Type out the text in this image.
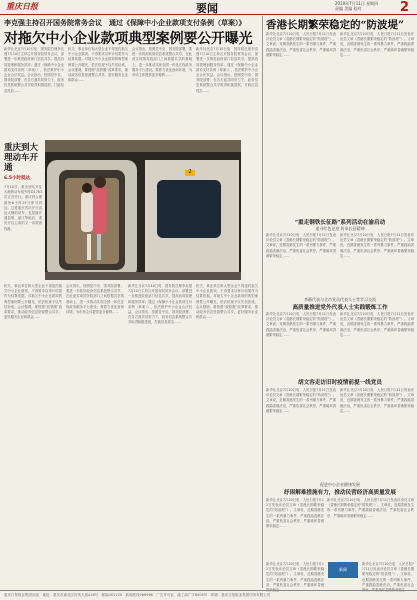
重庆日报	要闻	2019年7月11日 星期四
责编 美编 校对	2
李克强主持召开国务院常务会议　通过《保障中小企业款项支付条例（草案）》
对拖欠中小企业款项典型案例要公开曝光
新华社北京7月10日电　国务院总理李克强7月10日主持召开国务院常务会议，部署进一步推进政府部门信息共享，提高协同管理和服务效率；通过《保障中小企业款项支付条例（草案）》，依法维护中小企业合法权益。会议指出，按照党中央、国务院部署，在各方面共同努力下，政务信息系统整合共享取得积极进展，打破信息孤岛……
机关、事业单位和大型企业不得违约拖欠中小企业款项，不得要求以审计结果作为结算依据。对拖欠中小企业款项的典型案例要公开曝光，依法依规予以失信惩戒。会议强调，要按照“放管服”改革要求，推动政务信息资源整合共享，更好服务企业和群众……
会议指出，按照党中央、国务院部署，要进一步抓好政府信息系统整合共享，在此前实现国务院部门之间数据共享的基础上，进一步推动实现全国一体化在线政务服务平台建设。要着力优化营商环境，为市场主体提供更多便利……
新华社北京7月10日电　国务院总理李克强7月10日主持召开国务院常务会议，部署进一步推进政府部门信息共享，提高协同管理和服务效率；通过《保障中小企业款项支付条例（草案）》，依法维护中小企业合法权益。会议指出，按照党中央、国务院部署，在各方面共同努力下，政务信息系统整合共享取得积极进展，打破信息孤岛……
重庆到大理动车开通
6.5小时抵达
7月10日，重庆西站开往大理的动车组列车D1783次正式开行。重庆到大理最快6小时29分即可到达。这是重庆首次开行直达大理的动车，也是继开通昆明、丽江等地后，重庆开往云南的又一条旅游线路。
2
机关、事业单位和大型企业不得违约拖欠中小企业款项，不得要求以审计结果作为结算依据。对拖欠中小企业款项的典型案例要公开曝光，依法依规予以失信惩戒。会议强调，要按照“放管服”改革要求，推动政务信息资源整合共享，更好服务企业和群众……
会议指出，按照党中央、国务院部署，要进一步抓好政府信息系统整合共享，在此前实现国务院部门之间数据共享的基础上，进一步推动实现全国一体化在线政务服务平台建设。要着力优化营商环境，为市场主体提供更多便利……
新华社北京7月10日电　国务院总理李克强7月10日主持召开国务院常务会议，部署进一步推进政府部门信息共享，提高协同管理和服务效率；通过《保障中小企业款项支付条例（草案）》，依法维护中小企业合法权益。会议指出，按照党中央、国务院部署，在各方面共同努力下，政务信息系统整合共享取得积极进展，打破信息孤岛……
机关、事业单位和大型企业不得违约拖欠中小企业款项，不得要求以审计结果作为结算依据。对拖欠中小企业款项的典型案例要公开曝光，依法依规予以失信惩戒。会议强调，要按照“放管服”改革要求，推动政务信息资源整合共享，更好服务企业和群众……
香港长期繁荣稳定的“防波堤”
新华社北京7月10日电　人民日报7月11日发表评论员文章《香港长期繁荣稳定的“防波堤”》。文章说，近期香港发生的一系列暴力事件，严重践踏香港法治，严重危害社会秩序，严重破坏香港繁荣稳定……
新华社北京7月10日电　人民日报7月11日发表评论员文章《香港长期繁荣稳定的“防波堤”》。文章说，近期香港发生的一系列暴力事件，严重践踏香港法治，严重危害社会秩序，严重破坏香港繁荣稳定……
“重走钢铁长征路”系列活动在渝启动
追寻红色足迹 传承长征精神
新华社北京7月10日电　人民日报7月11日发表评论员文章《香港长期繁荣稳定的“防波堤”》。文章说，近期香港发生的一系列暴力事件，严重践踏香港法治，严重危害社会秩序，严重破坏香港繁荣稳定……
新华社北京7月10日电　人民日报7月11日发表评论员文章《香港长期繁荣稳定的“防波堤”》。文章说，近期香港发生的一系列暴力事件，严重践踏香港法治，严重危害社会秩序，严重破坏香港繁荣稳定……
李静代表与全市党员代表人士等学习交流
高质量推进党外代表人士实践锻炼工作
新华社北京7月10日电　人民日报7月11日发表评论员文章《香港长期繁荣稳定的“防波堤”》。文章说，近期香港发生的一系列暴力事件，严重践踏香港法治，严重危害社会秩序，严重破坏香港繁荣稳定……
新华社北京7月10日电　人民日报7月11日发表评论员文章《香港长期繁荣稳定的“防波堤”》。文章说，近期香港发生的一系列暴力事件，严重践踏香港法治，严重危害社会秩序，严重破坏香港繁荣稳定……
胡文容走访旧时疫情前提一线党员
新华社北京7月10日电　人民日报7月11日发表评论员文章《香港长期繁荣稳定的“防波堤”》。文章说，近期香港发生的一系列暴力事件，严重践踏香港法治，严重危害社会秩序，严重破坏香港繁荣稳定……
新华社北京7月10日电　人民日报7月11日发表评论员文章《香港长期繁荣稳定的“防波堤”》。文章说，近期香港发生的一系列暴力事件，严重践踏香港法治，严重危害社会秩序，严重破坏香港繁荣稳定……
促进中小企业健康发展
纾困解难措施有力，推动民营经济高质量发展
新华社北京7月10日电　人民日报7月11日发表评论员文章《香港长期繁荣稳定的“防波堤”》。文章说，近期香港发生的一系列暴力事件，严重践踏香港法治，严重危害社会秩序，严重破坏香港繁荣稳定……
新华社北京7月10日电　人民日报7月11日发表评论员文章《香港长期繁荣稳定的“防波堤”》。文章说，近期香港发生的一系列暴力事件，严重践踏香港法治，严重危害社会秩序，严重破坏香港繁荣稳定……
新华社北京7月10日电　人民日报7月11日发表评论员文章《香港长期繁荣稳定的“防波堤”》。文章说，近期香港发生的一系列暴力事件，严重践踏香港法治，严重危害社会秩序，严重破坏香港繁荣稳定……
新闻
新华社北京7月10日电　人民日报7月11日发表评论员文章《香港长期繁荣稳定的“防波堤”》。文章说，近期香港发生的一系列暴力事件，严重践踏香港法治，严重危害社会秩序，严重破坏香港繁荣稳定……
重庆日报报业集团出版　地址：重庆市渝北区同茂大道416号　邮编401120　新闻热线966966　广告许可证：渝工商广字8000号　印刷：重庆日报报业集团印务有限公司
